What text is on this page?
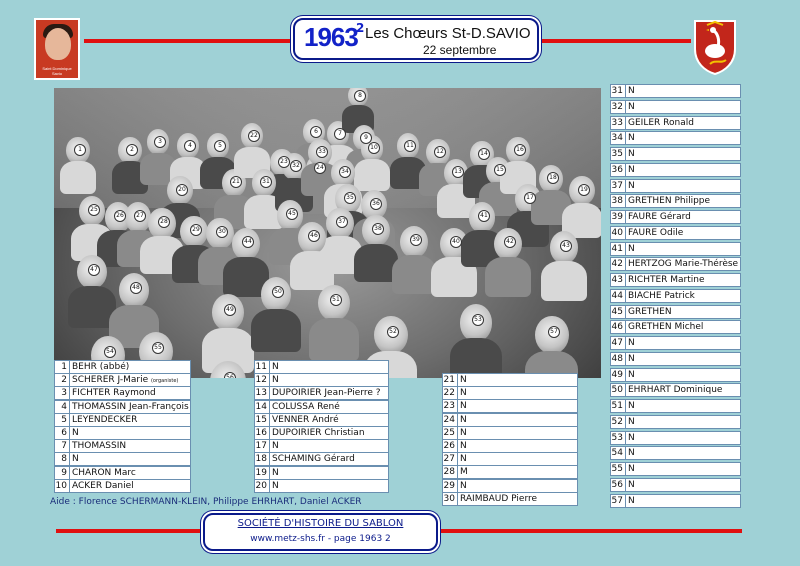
Saint Dominique Savio
1963
2 Les Chœurs St-D.SAVIO
22 septembre
1	2
3
4	5
6	7
8
9
10	11
12
13
14
15
16
17
18
19
20
21
22
23
24
25
26	27
28
29	30
31
32
33
34
35
36
37
38
39	40
41
42
43
44
45
46
47
48
49
50
51
52
53
54
55
56
57
1 BEHR (abbé)
2 SCHERER J-Marie (organiste)
3 FICHTER Raymond
4 THOMASSIN Jean-François
5 LEYENDECKER
6 N
7 THOMASSIN
8 N
9 CHARON Marc
10 ACKER Daniel
11 N
12 N
13 DUPOIRIER Jean-Pierre ?
14 COLUSSA René
15 VENNER André
16 DUPOIRIER Christian
17 N
18 SCHAMING Gérard
19 N
20 N
21 N
22 N
23 N
24 N
25 N
26 N
27 N
28 M
29 N
30 RAIMBAUD Pierre
31 N
32 N
33 GEILER Ronald
34 N
35 N
36 N
37 N
38 GRETHEN Philippe
39 FAURE Gérard
40 FAURE Odile
41 N
42 HERTZOG Marie-Thérèse
43 RICHTER Martine
44 BIACHE Patrick
45 GRETHEN
46 GRETHEN Michel
47 N
48 N
49 N
50 EHRHART Dominique
51 N
52 N
53 N
54 N
55 N
56 N
57 N
Aide : Florence SCHERMANN-KLEIN, Philippe EHRHART, Daniel ACKER
SOCIÉTÉ D'HISTOIRE DU SABLON
www.metz-shs.fr - page 1963 2
